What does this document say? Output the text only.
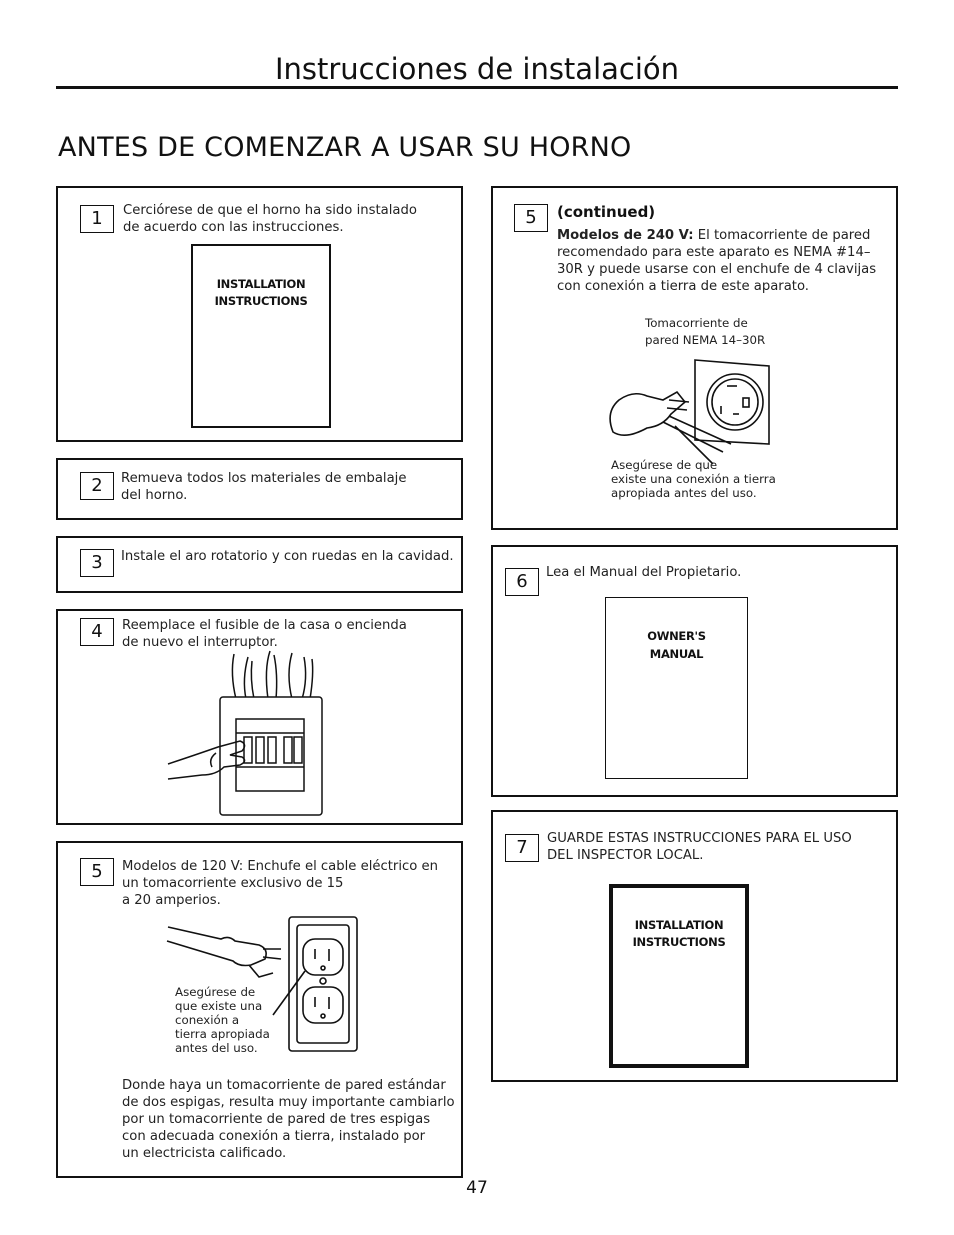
Instrucciones de instalación
ANTES DE COMENZAR A USAR SU HORNO
1	Cerciórese de que el horno ha sido instalado
de acuerdo con las instrucciones.
INSTALLATION
INSTRUCTIONS
2	Remueva todos los materiales de embalaje
del horno.
3	Instale el aro rotatorio y con ruedas en la cavidad.
4	Reemplace el fusible de la casa o encienda
de nuevo el interruptor.
5	Modelos de 120 V: Enchufe el cable eléctrico en
un tomacorriente exclusivo de 15
a 20 amperios.
Asegúrese de
que existe una
conexión a
tierra apropiada
antes del uso.
Donde haya un tomacorriente de pared estándar
de dos espigas, resulta muy importante cambiarlo
por un tomacorriente de pared de tres espigas
con adecuada conexión a tierra, instalado por
un electricista calificado.
5	(continued)
Modelos de 240 V: El tomacorriente de pared
recomendado para este aparato es NEMA #14–
30R y puede usarse con el enchufe de 4 clavijas
con conexión a tierra de este aparato.
Tomacorriente de
pared NEMA 14–30R
Asegúrese de que
existe una conexión a tierra
apropiada antes del uso.
6	Lea el Manual del Propietario.
OWNER'S
MANUAL
7	GUARDE ESTAS INSTRUCCIONES PARA EL USO
DEL INSPECTOR LOCAL.
INSTALLATION
INSTRUCTIONS
47
